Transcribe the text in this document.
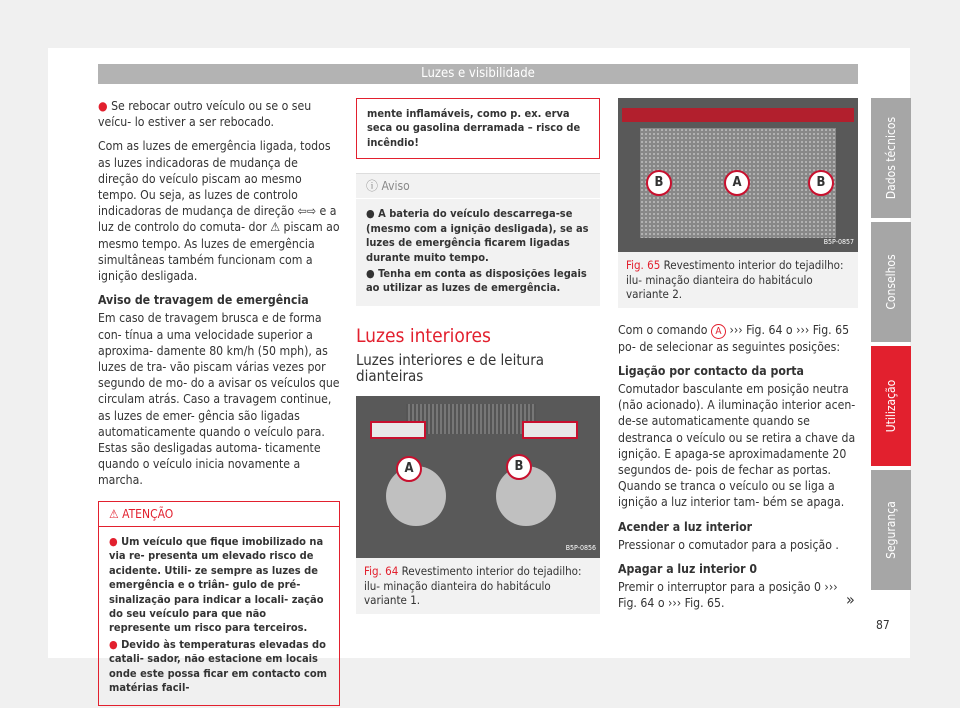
Luzes e visibilidade

● Se rebocar outro veículo ou se o seu veícu- lo estiver a ser rebocado.

Com as luzes de emergência ligada, todos as luzes indicadoras de mudança de direção do veículo piscam ao mesmo tempo. Ou seja, as luzes de controlo indicadoras de mudança de direção ⇦⇨ e a luz de controlo do comuta- dor ⚠ piscam ao mesmo tempo. As luzes de emergência simultâneas também funcionam com a ignição desligada.

Aviso de travagem de emergência

Em caso de travagem brusca e de forma con- tínua a uma velocidade superior a aproxima- damente 80 km/h (50 mph), as luzes de tra- vão piscam várias vezes por segundo de mo- do a avisar os veículos que circulam atrás. Caso a travagem continue, as luzes de emer- gência são ligadas automaticamente quando o veículo para. Estas são desligadas automa- ticamente quando o veículo inicia novamente a marcha.

⚠ ATENÇÃO

● Um veículo que fique imobilizado na via re- presenta um elevado risco de acidente. Utili- ze sempre as luzes de emergência e o triân- gulo de pré-sinalização para indicar a locali- zação do seu veículo para que não represente um risco para terceiros.

● Devido às temperaturas elevadas do catali- sador, não estacione em locais onde este possa ficar em contacto com matérias facil-

mente inflamáveis, como p. ex. erva seca ou gasolina derramada – risco de incêndio!
ⓘ Aviso

● A bateria do veículo descarrega-se (mesmo com a ignição desligada), se as luzes de emergência ficarem ligadas durante muito tempo.

● Tenha em conta as disposições legais ao utilizar as luzes de emergência.

Luzes interiores
Luzes interiores e de leitura dianteiras
A	B
B5P-0856
Fig. 64 Revestimento interior do tejadilho: ilu- minação dianteira do habitáculo variante 1.
B	A	B
B5P-0857
Fig. 65 Revestimento interior do tejadilho: ilu- minação dianteira do habitáculo variante 2.

Com o comando A ››› Fig. 64 o ››› Fig. 65 po- de selecionar as seguintes posições:

Ligação por contacto da porta

Comutador basculante em posição neutra (não acionado). A iluminação interior acen- de-se automaticamente quando se destranca o veículo ou se retira a chave da ignição. E apaga-se aproximadamente 20 segundos de- pois de fechar as portas. Quando se tranca o veículo ou se liga a ignição a luz interior tam- bém se apaga.

Acender a luz interior

Pressionar o comutador para a posição .

Apagar a luz interior 0

Premir o interruptor para a posição 0 ››› Fig. 64 o ››› Fig. 65.	»
Dados técnicos
Conselhos
Utilização
Segurança
87
